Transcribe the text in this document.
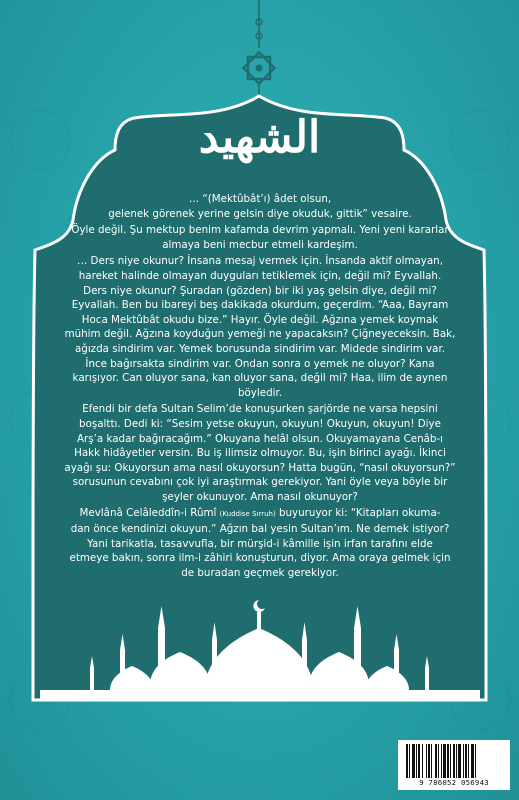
الشهيد

… “(Mektûbât’ı) âdet olsun,
gelenek görenek yerine gelsin diye okuduk, gittik” vesaire.

Öyle değil. Şu mektup benim kafamda devrim yapmalı. Yeni yeni kararlar
almaya beni mecbur etmeli kardeşim.

… Ders niye okunur? İnsana mesaj vermek için. İnsanda aktif olmayan,
hareket halinde olmayan duyguları tetiklemek için, değil mi? Eyvallah.
Ders niye okunur? Şuradan (gözden) bir iki yaş gelsin diye, değil mi?
Eyvallah. Ben bu ibareyi beş dakikada okurdum, geçerdim. “Aaa, Bayram
Hoca Mektûbât okudu bize.” Hayır. Öyle değil. Ağzına yemek koymak
mühim değil. Ağzına koyduğun yemeği ne yapacaksın? Çiğneyeceksin. Bak,
ağızda sindirim var. Yemek borusunda sindirim var. Midede sindirim var.
İnce bağırsakta sindirim var. Ondan sonra o yemek ne oluyor? Kana
karışıyor. Can oluyor sana, kan oluyor sana, değil mi? Haa, ilim de aynen
böyledir.

Efendi bir defa Sultan Selim’de konuşurken şarjörde ne varsa hepsini
boşalttı. Dedi ki: “Sesim yetse okuyun, okuyun! Okuyun, okuyun! Diye
Arş’a kadar bağıracağım.” Okuyana helâl olsun. Okuyamayana Cenâb-ı
Hakk hidâyetler versin. Bu iş ilimsiz olmuyor. Bu, işin birinci ayağı. İkinci
ayağı şu: Okuyorsun ama nasıl okuyorsun? Hatta bugün, “nasıl okuyorsun?”
sorusunun cevabını çok iyi araştırmak gerekiyor. Yani öyle veya böyle bir
şeyler okunuyor. Ama nasıl okunuyor?

Mevlânâ Celâleddîn-i Rûmî (Kuddise Sırruh) buyuruyor ki: “Kitapları okuma-
dan önce kendinizi okuyun.” Ağzın bal yesin Sultan’ım. Ne demek istiyor?
Yani tarikatla, tasavvufla, bir mürşid-i kâmille işin irfan tarafını elde
etmeye bakın, sonra ilm-i zâhiri konuşturun, diyor. Ama oraya gelmek için
de buradan geçmek gerekiyor.

9 786052 056943
